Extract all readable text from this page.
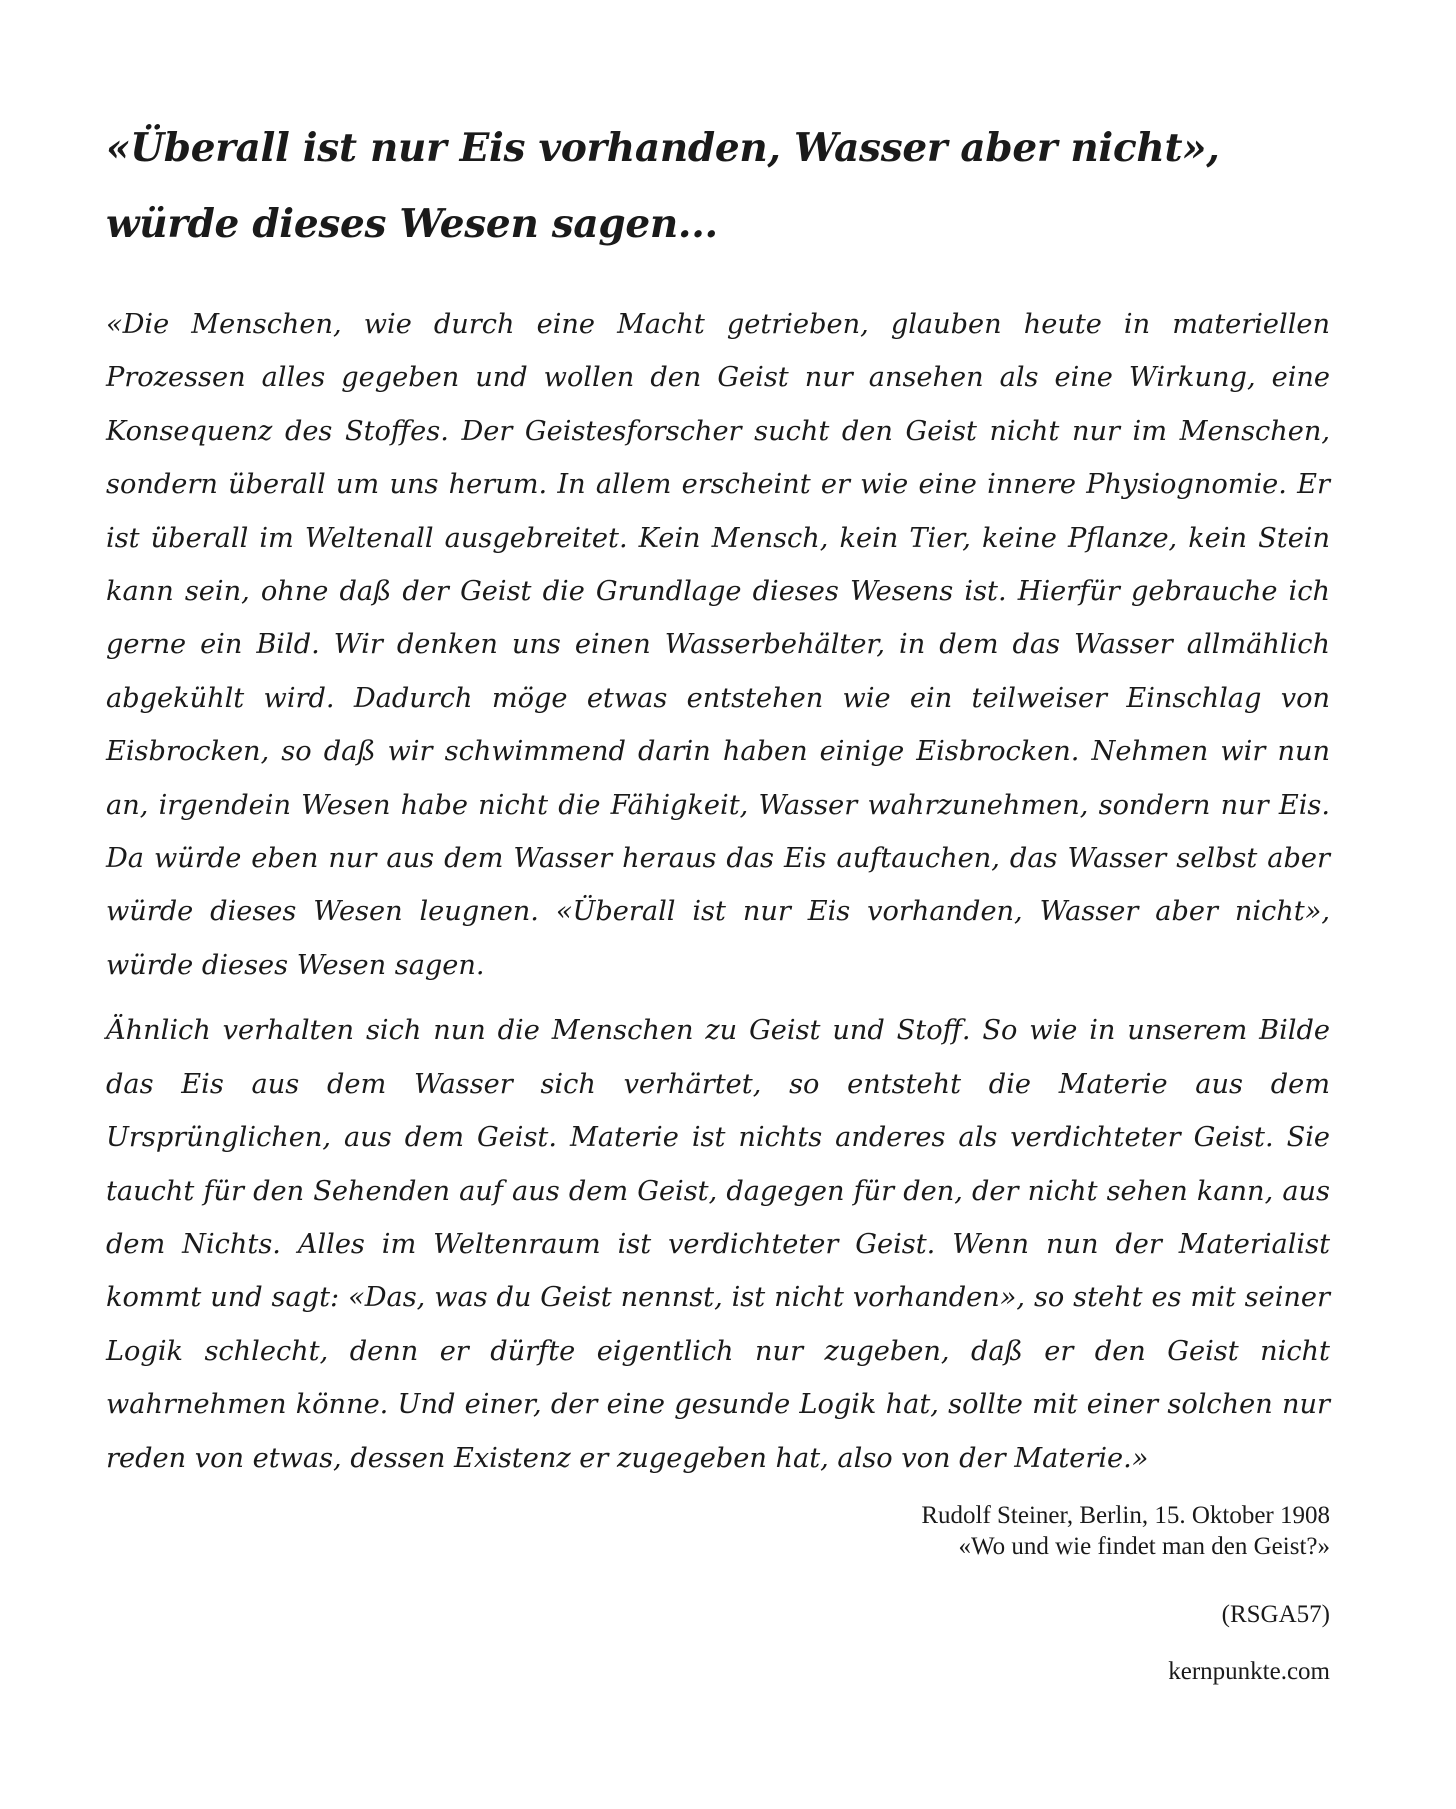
«Überall ist nur Eis vorhanden, Wasser aber nicht»,
würde dieses Wesen sagen...

«Die Menschen, wie durch eine Macht getrieben, glauben heute in materiellen Prozessen alles gegeben und wollen den Geist nur ansehen als eine Wirkung, eine Konsequenz des Stoffes. Der Geistesforscher sucht den Geist nicht nur im Menschen, sondern überall um uns herum. In allem erscheint er wie eine innere Physiognomie. Er ist überall im Weltenall ausgebreitet. Kein Mensch, kein Tier, keine Pflanze, kein Stein kann sein, ohne daß der Geist die Grundlage dieses Wesens ist. Hierfür gebrauche ich gerne ein Bild. Wir denken uns einen Wasserbehälter, in dem das Wasser allmählich abgekühlt wird. Dadurch möge etwas entstehen wie ein teilweiser Einschlag von Eisbrocken, so daß wir schwimmend darin haben einige Eisbrocken. Nehmen wir nun an, irgendein Wesen habe nicht die Fähigkeit, Wasser wahrzunehmen, sondern nur Eis. Da würde eben nur aus dem Wasser heraus das Eis auftauchen, das Wasser selbst aber würde dieses Wesen leugnen. «Überall ist nur Eis vorhanden, Wasser aber nicht», würde dieses Wesen sagen.

Ähnlich verhalten sich nun die Menschen zu Geist und Stoff. So wie in unserem Bilde das Eis aus dem Wasser sich verhärtet, so entsteht die Materie aus dem Ursprünglichen, aus dem Geist. Materie ist nichts anderes als verdichteter Geist. Sie taucht für den Sehenden auf aus dem Geist, dagegen für den, der nicht sehen kann, aus dem Nichts. Alles im Weltenraum ist verdichteter Geist. Wenn nun der Materialist kommt und sagt: «Das, was du Geist nennst, ist nicht vorhanden», so steht es mit seiner Logik schlecht, denn er dürfte eigentlich nur zugeben, daß er den Geist nicht wahrnehmen könne. Und einer, der eine gesunde Logik hat, sollte mit einer solchen nur reden von etwas, dessen Existenz er zugegeben hat, also von der Materie.»

Rudolf Steiner, Berlin, 15. Oktober 1908
«Wo und wie findet man den Geist?»
(RSGA57)
kernpunkte.com
